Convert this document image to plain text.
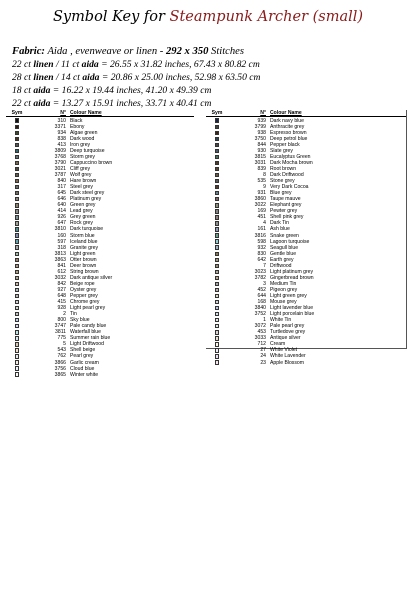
Symbol Key for Steampunk Archer (small)
Fabric: Aida , evenweave or linen - 292 x 350 Stitches
22 ct linen / 11 ct aida = 26.55 x 31.82 inches, 67.43 x 80.82 cm
28 ct linen / 14 ct aida = 20.86 x 25.00 inches, 52.98 x 63.50 cm
18 ct aida = 16.22 x 19.44 inches, 41.20 x 49.39 cm
22 ct aida = 13.27 x 15.91 inches, 33.71 x 40.41 cm
Sym	N° Colour Name
310 Black
3371 Ebony
934 Algae green
838 Dark wood
413 Iron grey
3809 Deep turquoise
3768 Storm grey
3790 Cappuccino brown
3021 Cliff grey
3787 Wolf grey
840 Hare brown
317 Steel grey
645 Dark steel grey
646 Platinum grey
640 Green grey
414 Lead grey
926 Grey green
647 Rock grey
3810 Dark turquoise
160 Storm blue
597 Iceland blue
318 Granite grey
3813 Light green
3863 Otter brown
841 Deer brown
612 String brown
3032 Dark antique silver
842 Beige rope
927 Oyster grey
648 Pepper grey
415 Chrome grey
928 Light pearl grey
2 Tin
800 Sky blue
3747 Pale candy blue
3811 Waterfall blue
775 Summer rain blue
5 Light Driftwood
543 Shell beige
762 Pearl grey
3866 Garlic cream
3756 Cloud blue
3865 Winter white
Sym	N° Colour Name
939 Dark navy blue
3799 Anthracite grey
938 Espresso brown
3750 Deep petrol blue
844 Pepper black
930 Slate grey
3815 Eucalyptus Green
3031 Dark Mocha brown
839 Root brown
8 Dark Driftwood
535 Stone grey
9 Very Dark Cocoa
931 Blue grey
3860 Taupe mauve
3022 Elephant grey
169 Pewter grey
451 Shell pink grey
4 Dark Tin
161 Ash blue
3816 Snake green
598 Lagoon turquoise
932 Seagull blue
830 Gentle blue
642 Earth grey
7 Driftwood
3023 Light platinum grey
3782 Gingerbread brown
3 Medium Tin
452 Pigeon grey
644 Light green grey
168 Mouse grey
3840 Light lavender blue
3752 Light porcelain blue
1 White Tin
3072 Pale pearl grey
453 Turtledove grey
3033 Antique silver
712 Cream
27 White Violet
24 White Lavender
23 Apple Blossom
